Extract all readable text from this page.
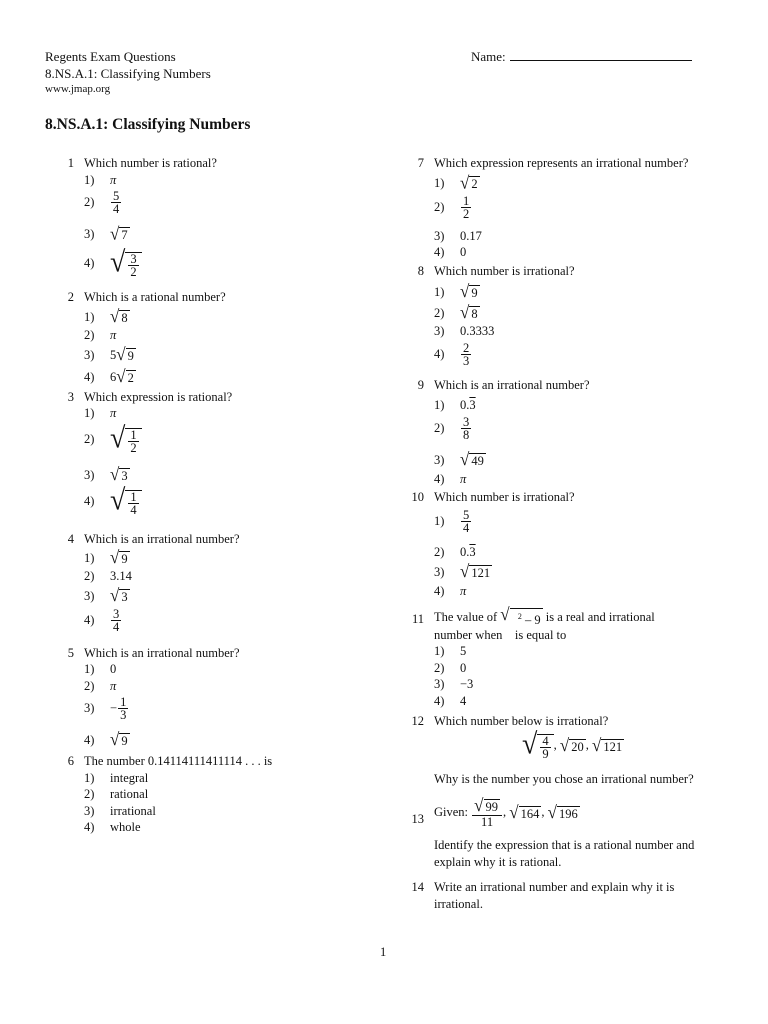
Regents Exam Questions
8.NS.A.1: Classifying Numbers
www.jmap.org
Name:
8.NS.A.1: Classifying Numbers
1 Which number is rational?
1)	π
2)	$\frac{5}{4}$
3) √ 7
4) √ $\frac{3}{2}$
2 Which is a rational number?
1) √ 8
2)	π
3)	5 √ 9
4)	6 √ 2
3 Which expression is rational?
1)	π
2) √ $\frac{1}{2}$
3) √ 3
4) √ $\frac{1}{4}$
4 Which is an irrational number?
1) √ 9
2)	3.14
3) √ 3
4)	$\frac{3}{4}$
5 Which is an irrational number?
1)	0
2)	π
3)	− $\frac{1}{3}$
4) √ 9
6 The number 0.14114111411114 . . . is
1)	integral
2)	rational
3)	irrational
4)	whole
7 Which expression represents an irrational number?
1) √ 2
2)	$\frac{1}{2}$
3)	0.17
4)	0
8 Which number is irrational?
1) √ 9
2) √ 8
3)	0.3333
4)	$\frac{2}{3}$
9 Which is an irrational number?
1)	0. 3
2)	$\frac{3}{8}$
3) √ 49
4)	π
10 Which number is irrational?
1)	$\frac{5}{4}$
2)	0. 3
3) √ 121
4)	π
11 The value of
√	$^2$ – 9
is a real and irrational
number when is equal to
1)	5
2)	0
3)	−3
4)	4
12 Which number below is irrational?
√ $\frac{4}{9}$ , √ 20 , √ 121
Why is the number you chose an irrational number?
13 Given:
$\frac{√ 99}{11}$ , √ 164 , √ 196
Identify the expression that is a rational number and
explain why it is rational.
14 Write an irrational number and explain why it is
irrational.
1
